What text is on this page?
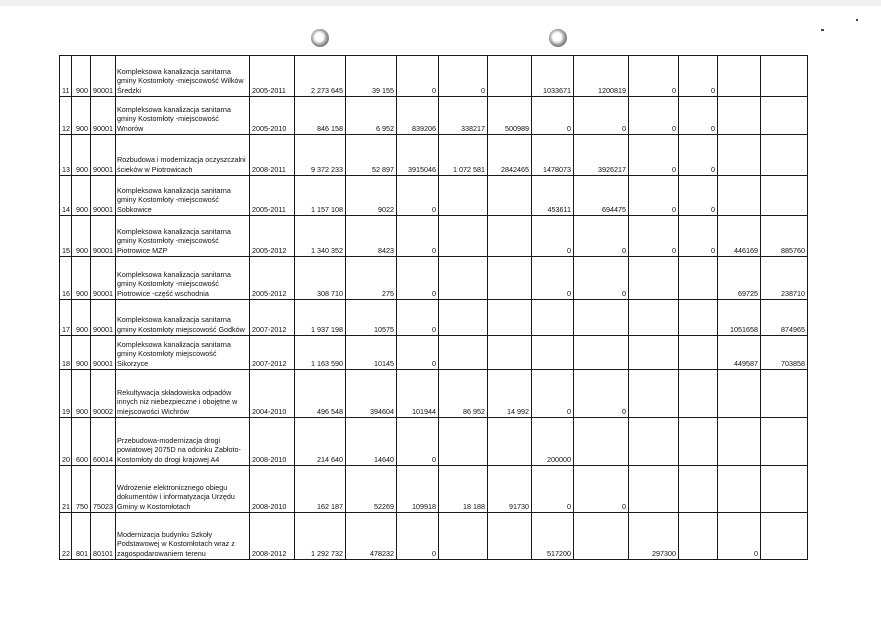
11	900	90001	Kompleksowa kanalizacja sanitarna gminy Kostomłoty -miejscowość Wilków Średzki	2005-2011	2 273 645	39 155	0	0		1033671	1200819	0	0		
12	900	90001	Kompleksowa kanalizacja sanitarna gminy Kostomłoty -miejscowość Wnorów	2005-2010	846 158	6 952	839206	338217	500989	0	0	0	0		
13	900	90001	Rozbudowa i modernizacja oczyszczalni ścieków w Piotrowicach	2008-2011	9 372 233	52 897	3915046	1 072 581	2842465	1478073	3926217	0	0		
14	900	90001	Kompleksowa kanalizacja sanitarna gminy Kostomłoty -miejscowość Sobkowice	2005-2011	1 157 108	9022	0			453611	694475	0	0		
15	900	90001	Kompleksowa kanalizacja sanitarna gminy Kostomłoty -miejscowość Piotrowice MZP	2005-2012	1 340 352	8423	0			0	0	0	0	446169	885760
16	900	90001	Kompleksowa kanalizacja sanitarna gminy Kostomłoty -miejscowość Piotrowice -część wschodnia	2005-2012	308 710	275	0			0	0			69725	238710
17	900	90001	Kompleksowa kanalizacja sanitarna gminy Kostomłoty miejscowość Godków	2007-2012	1 937 198	10575	0							1051658	874965
18	900	90001	Kompleksowa kanalizacja sanitarna gminy Kostomłoty miejscowość Sikorzyce	2007-2012	1 163 590	10145	0							449587	703858
19	900	90002	Rekultywacja składowiska odpadów innych niż niebezpieczne i obojętne w miejscowości Wichrów	2004-2010	496 548	394604	101944	86 952	14 992	0	0				
20	600	60014	Przebudowa-modernizacja drogi powiatowej 2075D na odcinku Zabłoto-Kostomłoty do drogi krajowej A4	2008-2010	214 640	14640	0			200000					
21	750	75023	Wdrożenie elektronicznego obiegu dokumentów i informatyzacja Urzędu Gminy w Kostomłotach	2008-2010	162 187	52269	109918	18 188	91730	0	0				
22	801	80101	Modernizacja budynku Szkoły Podstawowej w Kostomłotach wraz z zagospodarowaniem terenu	2008-2012	1 292 732	478232	0			517200		297300		0	
